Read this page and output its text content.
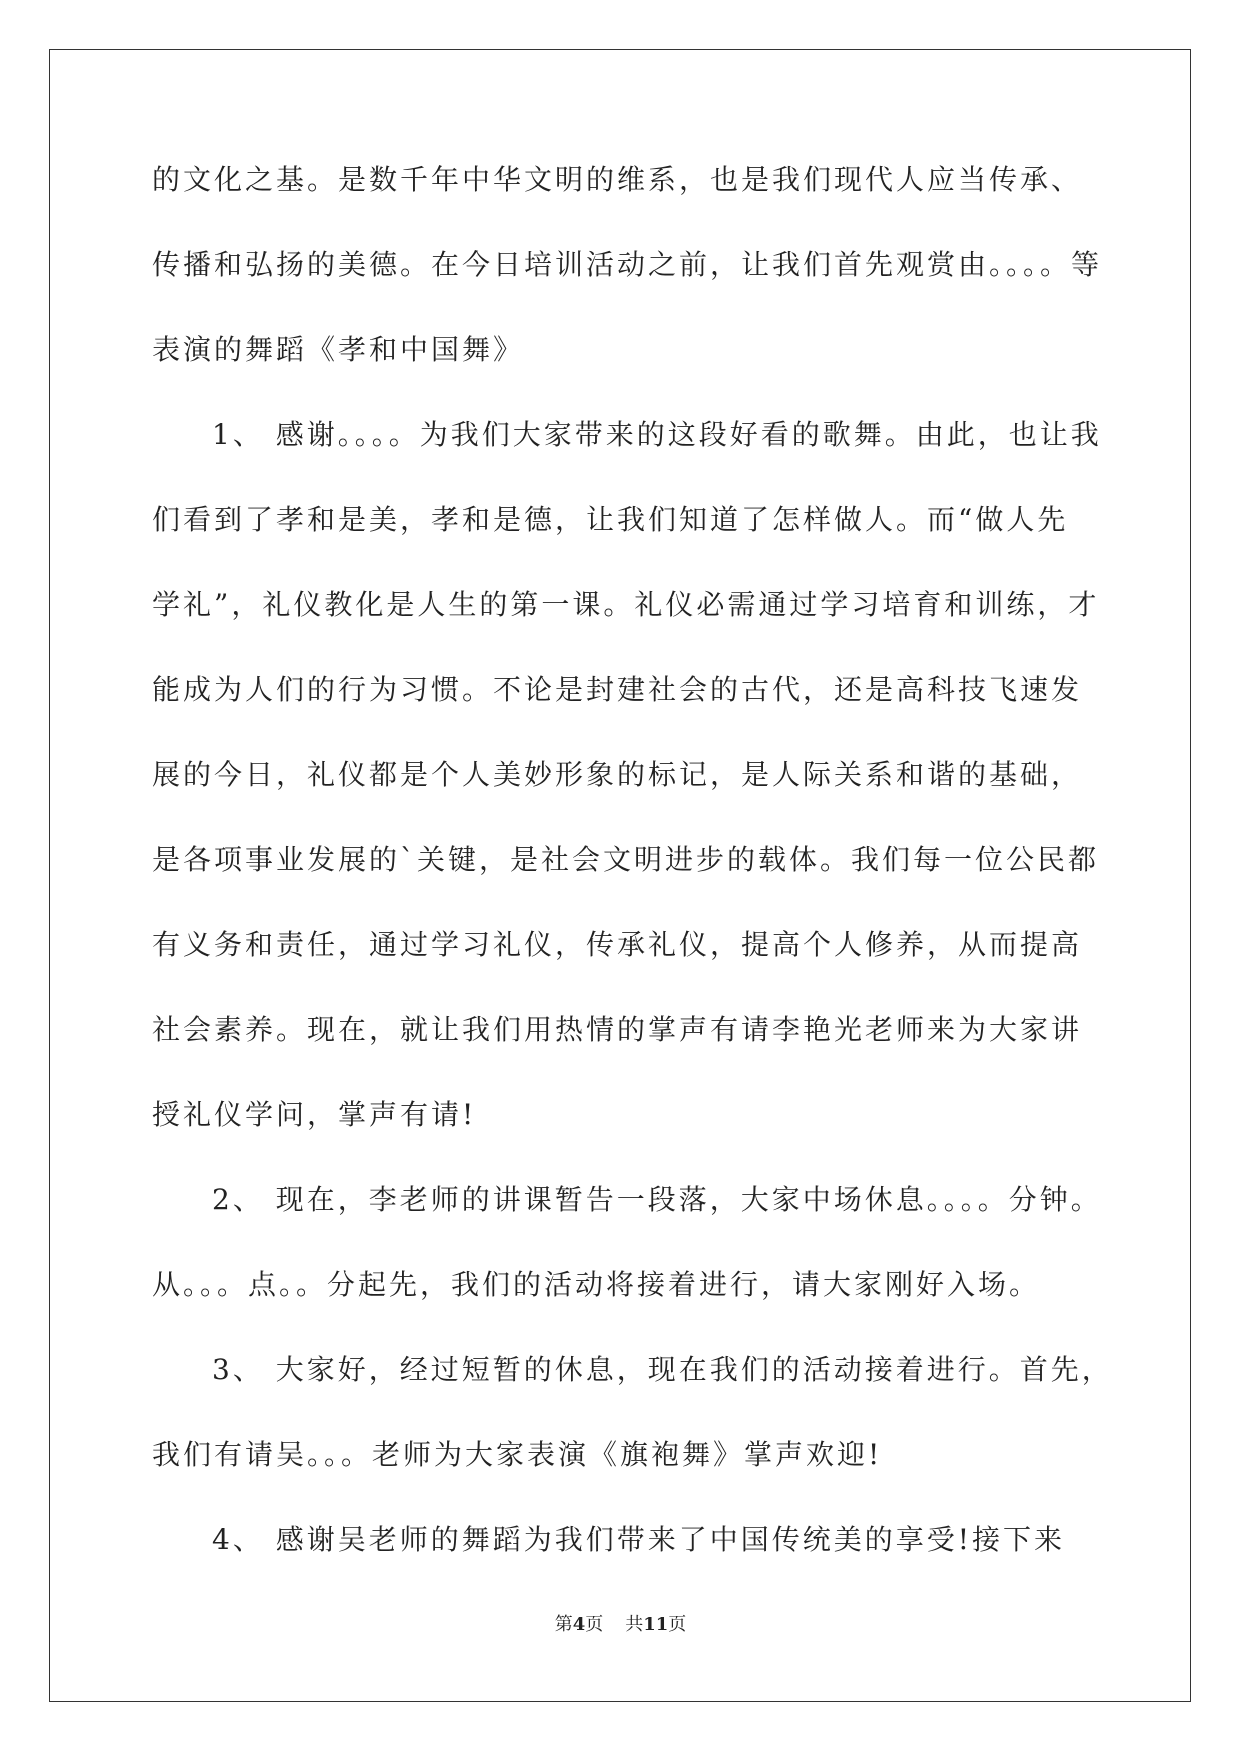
的文化之基。是数千年中华文明的维系，也是我们现代人应当传承、
传播和弘扬的美德。在今日培训活动之前，让我们首先观赏由。。。。等
表演的舞蹈《孝和中国舞》
1、 感谢。。。。为我们大家带来的这段好看的歌舞。由此，也让我
们看到了孝和是美，孝和是德，让我们知道了怎样做人。而“做人先
学礼”，礼仪教化是人生的第一课。礼仪必需通过学习培育和训练，才
能成为人们的行为习惯。不论是封建社会的古代，还是高科技飞速发
展的今日，礼仪都是个人美妙形象的标记，是人际关系和谐的基础，
是各项事业发展的`关键，是社会文明进步的载体。我们每一位公民都
有义务和责任，通过学习礼仪，传承礼仪，提高个人修养，从而提高
社会素养。现在，就让我们用热情的掌声有请李艳光老师来为大家讲
授礼仪学问，掌声有请!
2、 现在，李老师的讲课暂告一段落，大家中场休息。。。。分钟。
从。。。点。。分起先，我们的活动将接着进行，请大家刚好入场。
3、 大家好，经过短暂的休息，现在我们的活动接着进行。首先，
我们有请吴。。。老师为大家表演《旗袍舞》掌声欢迎!
4、 感谢吴老师的舞蹈为我们带来了中国传统美的享受!接下来
第4页 共11页
